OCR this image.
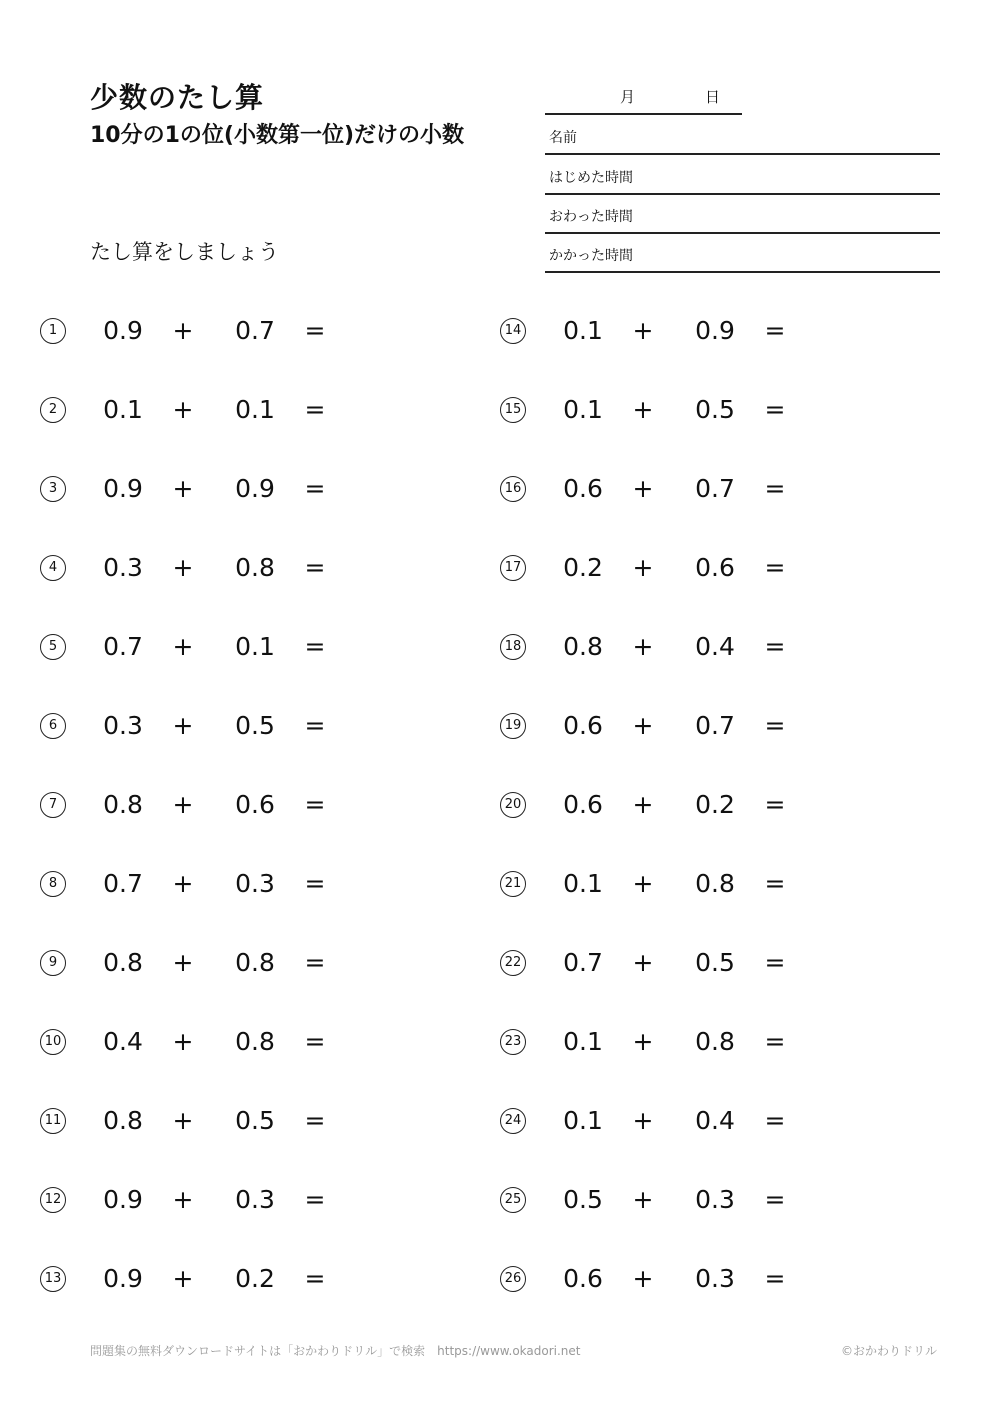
少数のたし算
10分の1の位(小数第一位)だけの小数
たし算をしましょう
月	日
名前
はじめた時間
おわった時間
かかった時間
1	0.9	+	0.7	=
2	0.1	+	0.1	=
3	0.9	+	0.9	=
4	0.3	+	0.8	=
5	0.7	+	0.1	=
6	0.3	+	0.5	=
7	0.8	+	0.6	=
8	0.7	+	0.3	=
9	0.8	+	0.8	=
10	0.4	+	0.8	=
11	0.8	+	0.5	=
12	0.9	+	0.3	=
13	0.9	+	0.2	=
14	0.1	+	0.9	=
15	0.1	+	0.5	=
16	0.6	+	0.7	=
17	0.2	+	0.6	=
18	0.8	+	0.4	=
19	0.6	+	0.7	=
20	0.6	+	0.2	=
21	0.1	+	0.8	=
22	0.7	+	0.5	=
23	0.1	+	0.8	=
24	0.1	+	0.4	=
25	0.5	+	0.3	=
26	0.6	+	0.3	=
問題集の無料ダウンロードサイトは「おかわりドリル」で検索　https://www.okadori.net	©おかわりドリル
